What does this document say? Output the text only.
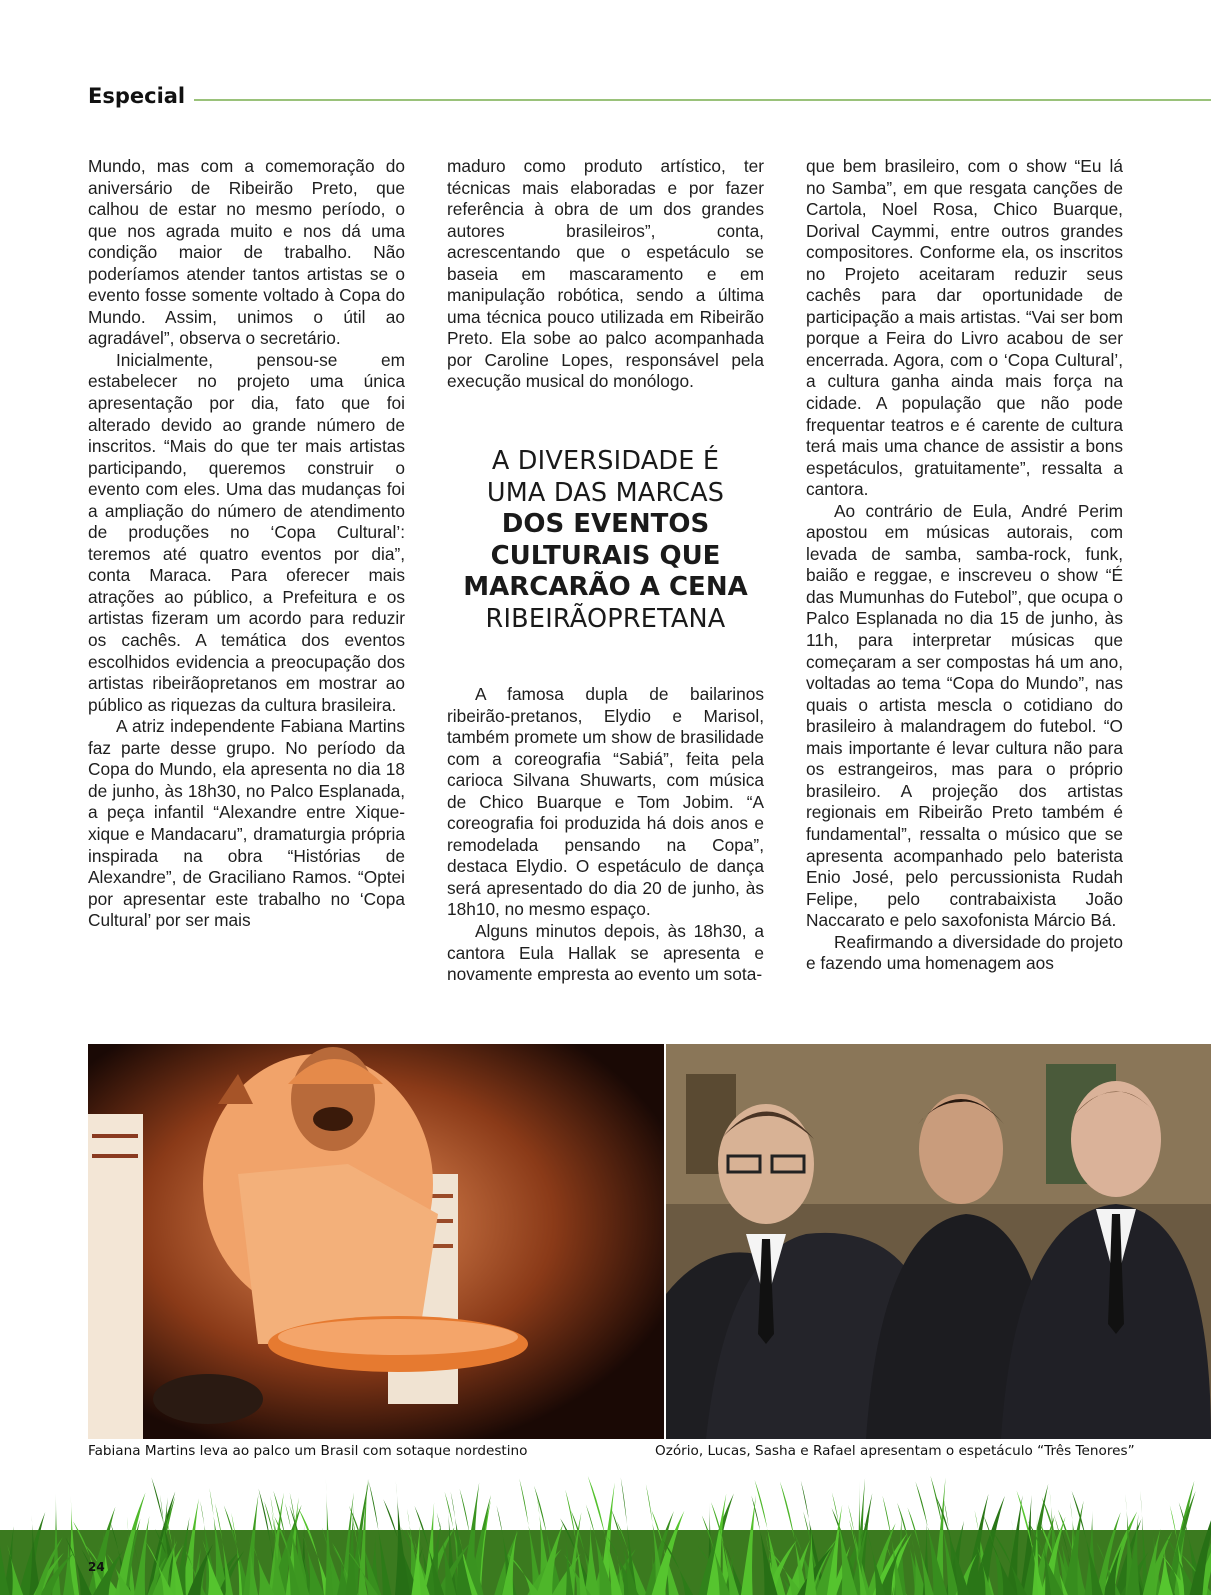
Especial

Mundo, mas com a comemoração do aniversário de Ribeirão Preto, que calhou de estar no mesmo período, o que nos agrada muito e nos dá uma condição maior de trabalho. Não poderíamos atender tantos artistas se o evento fosse somente voltado à Copa do Mundo. Assim, unimos o útil ao agradável”, observa o secretário.

Inicialmente, pensou-se em estabelecer no projeto uma única apresentação por dia, fato que foi alterado devido ao grande número de inscritos. “Mais do que ter mais artistas participando, queremos construir o evento com eles. Uma das mudanças foi a ampliação do número de atendimento de produções no ‘Copa Cultural’: teremos até quatro eventos por dia”, conta Maraca. Para oferecer mais atrações ao público, a Prefeitura e os artistas fizeram um acordo para reduzir os cachês. A temática dos eventos escolhidos evidencia a preocupação dos artistas ribeirãopretanos em mostrar ao público as riquezas da cultura brasileira.

A atriz independente Fabiana Martins faz parte desse grupo. No período da Copa do Mundo, ela apresenta no dia 18 de junho, às 18h30, no Palco Esplanada, a peça infantil “Alexandre entre Xique-xique e Mandacaru”, dramaturgia própria inspirada na obra “Histórias de Alexandre”, de Graciliano Ramos. “Optei por apresentar este trabalho no ‘Copa Cultural’ por ser mais

maduro como produto artístico, ter técnicas mais elaboradas e por fazer referência à obra de um dos grandes autores brasileiros”, conta, acrescentando que o espetáculo se baseia em mascaramento e em manipulação robótica, sendo a última uma técnica pouco utilizada em Ribeirão Preto. Ela sobe ao palco acompanhada por Caroline Lopes, responsável pela execução musical do monólogo.

A DIVERSIDADE É
UMA DAS MARCAS
DOS EVENTOS
CULTURAIS QUE
MARCARÃO A CENA
RIBEIRÃOPRETANA

A famosa dupla de bailarinos ribeirão-pretanos, Elydio e Marisol, também promete um show de brasilidade com a coreografia “Sabiá”, feita pela carioca Silvana Shuwarts, com música de Chico Buarque e Tom Jobim. “A coreografia foi produzida há dois anos e remodelada pensando na Copa”, destaca Elydio. O espetáculo de dança será apresentado do dia 20 de junho, às 18h10, no mesmo espaço.

Alguns minutos depois, às 18h30, a cantora Eula Hallak se apresenta e novamente empresta ao evento um sota-

que bem brasileiro, com o show “Eu lá no Samba”, em que resgata canções de Cartola, Noel Rosa, Chico Buarque, Dorival Caymmi, entre outros grandes compositores. Conforme ela, os inscritos no Projeto aceitaram reduzir seus cachês para dar oportunidade de participação a mais artistas. “Vai ser bom porque a Feira do Livro acabou de ser encerrada. Agora, com o ‘Copa Cultural’, a cultura ganha ainda mais força na cidade. A população que não pode frequentar teatros e é carente de cultura terá mais uma chance de assistir a bons espetáculos, gratuitamente”, ressalta a cantora.

Ao contrário de Eula, André Perim apostou em músicas autorais, com levada de samba, samba-rock, funk, baião e reggae, e inscreveu o show “É das Mumunhas do Futebol”, que ocupa o Palco Esplanada no dia 15 de junho, às 11h, para interpretar músicas que começaram a ser compostas há um ano, voltadas ao tema “Copa do Mundo”, nas quais o artista mescla o cotidiano do brasileiro à malandragem do futebol. “O mais importante é levar cultura não para os estrangeiros, mas para o próprio brasileiro. A projeção dos artistas regionais em Ribeirão Preto também é fundamental”, ressalta o músico que se apresenta acompanhado pelo baterista Enio José, pelo percussionista Rudah Felipe, pelo contrabaixista João Naccarato e pelo saxofonista Márcio Bá.

Reafirmando a diversidade do projeto e fazendo uma homenagem aos

Fabiana Martins leva ao palco um Brasil com sotaque nordestino	Ozório, Lucas, Sasha e Rafael apresentam o espetáculo “Três Tenores”
24
